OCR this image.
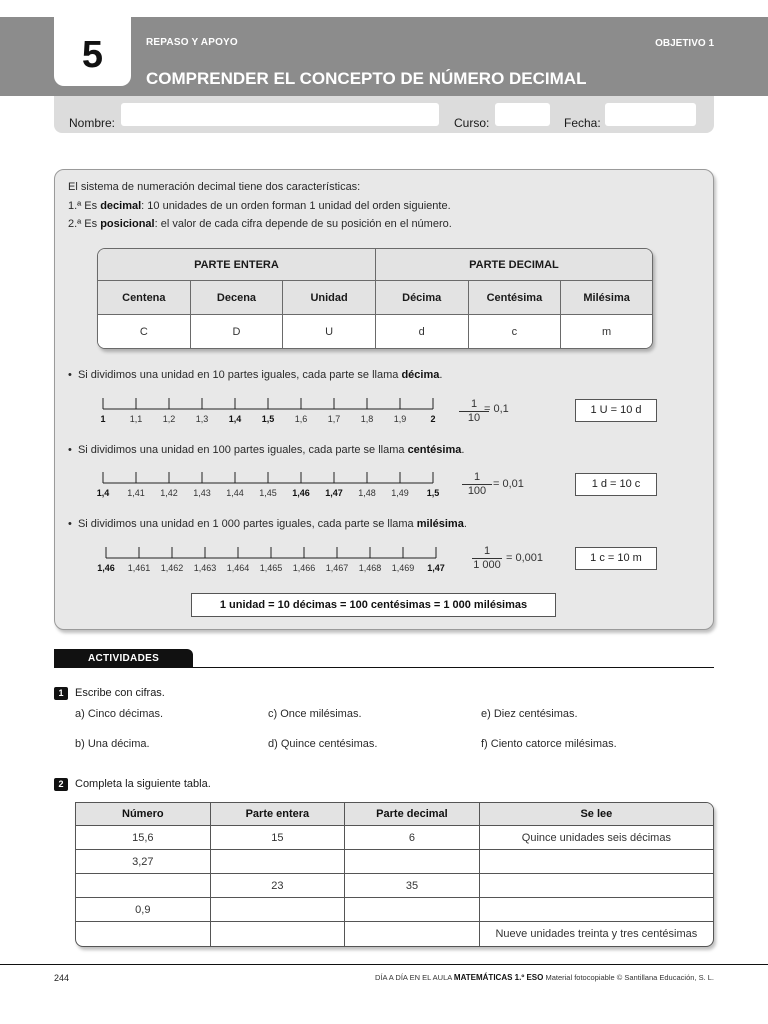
5	REPASO Y APOYO	OBJETIVO 1
COMPRENDER EL CONCEPTO DE NÚMERO DECIMAL
Nombre:	Curso:	Fecha:
El sistema de numeración decimal tiene dos características:
1.ª Es decimal: 10 unidades de un orden forman 1 unidad del orden siguiente.
2.ª Es posicional: el valor de cada cifra depende de su posición en el número.
PARTE ENTERA			PARTE DECIMAL		
Centena	Decena	Unidad	Décima	Centésima	Milésima
C	D	U	d	c	m
•  Si dividimos una unidad en 10 partes iguales, cada parte se llama décima.
1	1,1 1,2 1,3 1,4 1,5 1,6 1,7 1,8 1,9	$2 \frac{1}{10}$
= 0,1	1 U = 10 d
•  Si dividimos una unidad en 100 partes iguales, cada parte se llama centésima.
1,4 1,41 1,42 1,43 1,44 1,45 1,46 1,47 1,48 1,49 $1,5 \frac{1}{100} = 0,01$	1 d = 10 c
•  Si dividimos una unidad en 1 000 partes iguales, cada parte se llama milésima.
1,46 1,461 1,462 1,463 1,464 1,465 1,466 1,467 1,468 1,469 $1,47 \frac{1}{1 000} = 0,001$	1 c = 10 m
1 unidad = 10 décimas = 100 centésimas = 1 000 milésimas
ACTIVIDADES
1	Escribe con cifras.
a) Cinco décimas.	c) Once milésimas.	e) Diez centésimas.
b) Una décima.	d) Quince centésimas.	f) Ciento catorce milésimas.
2	Completa la siguiente tabla.
Número	Parte entera	Parte decimal	Se lee
15,6	15	6	Quince unidades seis décimas
3,27			
	23	35	
0,9			
			Nueve unidades treinta y tres centésimas
244	DÍA A DÍA EN EL AULA MATEMÁTICAS 1.º ESO Material fotocopiable © Santillana Educación, S. L.
